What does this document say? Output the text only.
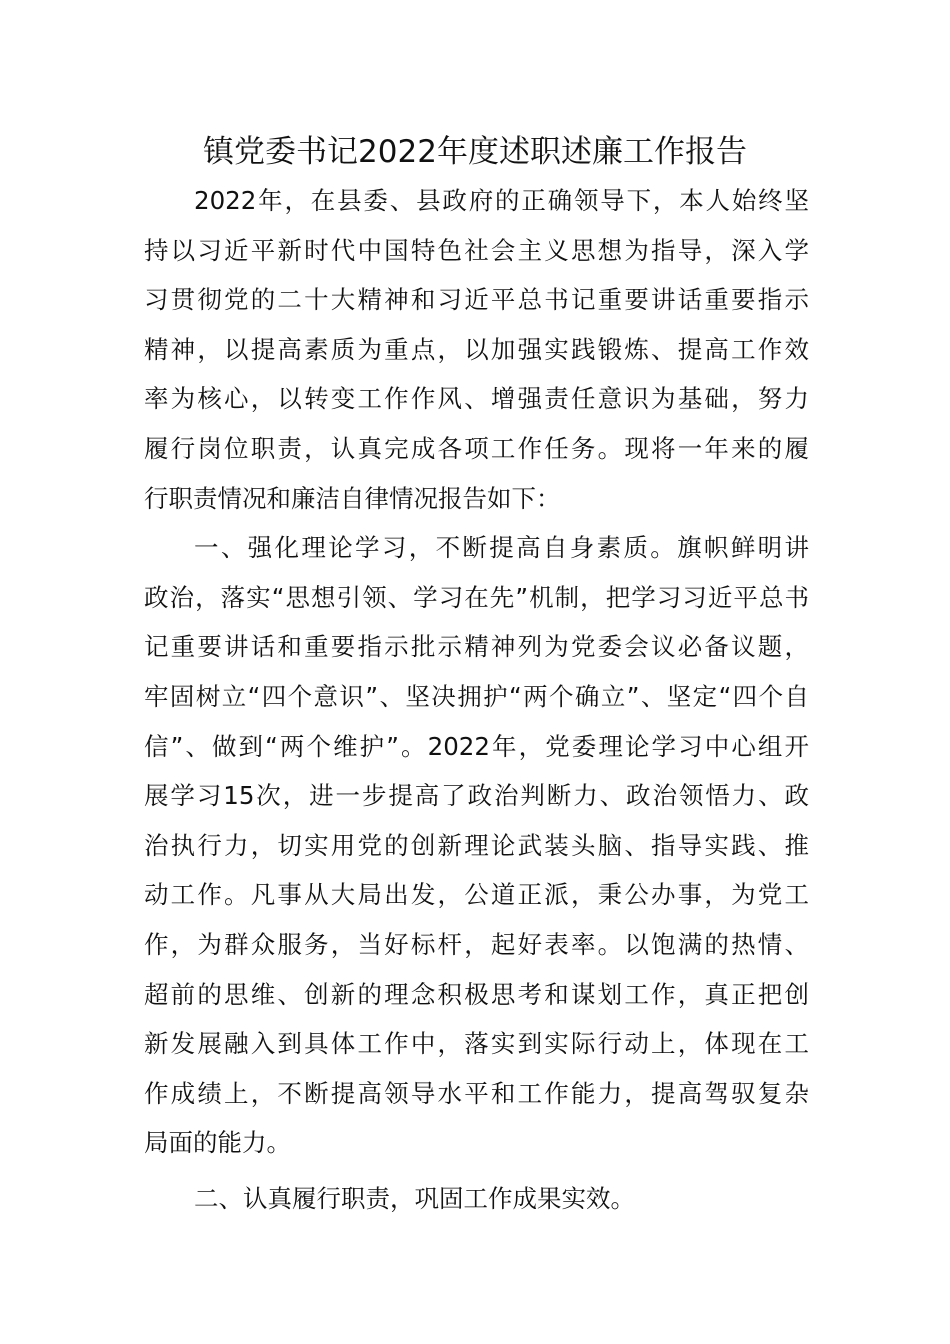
镇党委书记2022年度述职述廉工作报告
2022年，在县委、县政府的正确领导下，本人始终坚
持以习近平新时代中国特色社会主义思想为指导，深入学
习贯彻党的二十大精神和习近平总书记重要讲话重要指示
精神，以提高素质为重点，以加强实践锻炼、提高工作效
率为核心，以转变工作作风、增强责任意识为基础，努力
履行岗位职责，认真完成各项工作任务。现将一年来的履
行职责情况和廉洁自律情况报告如下：
一、强化理论学习，不断提高自身素质。旗帜鲜明讲
政治，落实“思想引领、学习在先”机制，把学习习近平总书
记重要讲话和重要指示批示精神列为党委会议必备议题，
牢固树立“四个意识”、坚决拥护“两个确立”、坚定“四个自
信”、做到“两个维护”。2022年，党委理论学习中心组开
展学习15次，进一步提高了政治判断力、政治领悟力、政
治执行力，切实用党的创新理论武装头脑、指导实践、推
动工作。凡事从大局出发，公道正派，秉公办事，为党工
作，为群众服务，当好标杆，起好表率。以饱满的热情、
超前的思维、创新的理念积极思考和谋划工作，真正把创
新发展融入到具体工作中，落实到实际行动上，体现在工
作成绩上，不断提高领导水平和工作能力，提高驾驭复杂
局面的能力。
二、认真履行职责，巩固工作成果实效。
